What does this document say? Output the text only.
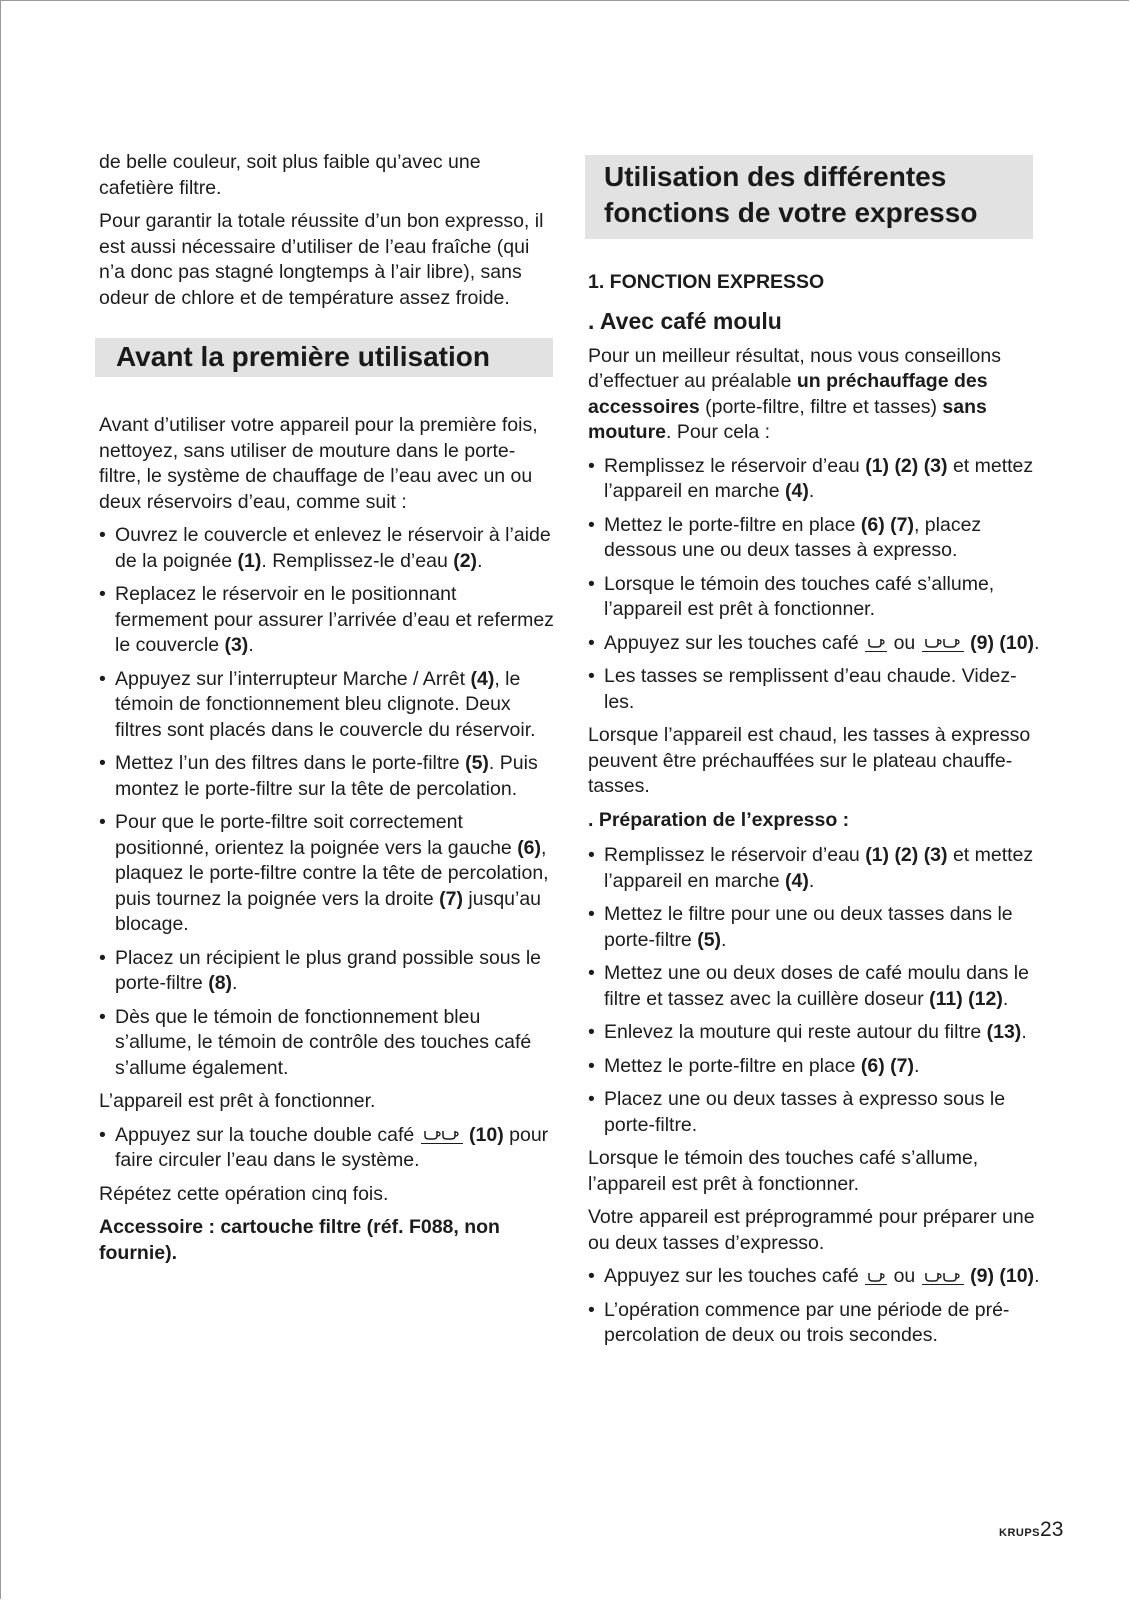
de belle couleur, soit plus faible qu’avec une cafetière filtre.

Pour garantir la totale réussite d’un bon expresso, il est aussi nécessaire d’utiliser de l’eau fraîche (qui n’a donc pas stagné longtemps à l’air libre), sans odeur de chlore et de température assez froide.

Avant la première utilisation

Avant d’utiliser votre appareil pour la première fois, nettoyez, sans utiliser de mouture dans le porte-filtre, le système de chauffage de l’eau avec un ou deux réservoirs d’eau, comme suit :

• Ouvrez le couvercle et enlevez le réservoir à l’aide de la poignée (1). Remplissez-le d’eau (2).
• Replacez le réservoir en le positionnant fermement pour assurer l’arrivée d’eau et refermez le couvercle (3).
• Appuyez sur l’interrupteur Marche / Arrêt (4), le témoin de fonctionnement bleu clignote. Deux filtres sont placés dans le couvercle du réservoir.
• Mettez l’un des filtres dans le porte-filtre (5). Puis montez le porte-filtre sur la tête de percolation.
• Pour que le porte-filtre soit correctement positionné, orientez la poignée vers la gauche (6), plaquez le porte-filtre contre la tête de percolation, puis tournez la poignée vers la droite (7) jusqu’au blocage.
• Placez un récipient le plus grand possible sous le porte-filtre (8).
• Dès que le témoin de fonctionnement bleu s’allume, le témoin de contrôle des touches café s’allume également.

L’appareil est prêt à fonctionner.

• Appuyez sur la touche double café	(10) pour faire circuler l’eau dans le système.

Répétez cette opération cinq fois.

Accessoire : cartouche filtre (réf. F088, non fournie).

Utilisation des différentes fonctions de votre expresso
1. FONCTION EXPRESSO
. Avec café moulu

Pour un meilleur résultat, nous vous conseillons d’effectuer au préalable un préchauffage des accessoires (porte-filtre, filtre et tasses) sans mouture. Pour cela :

• Remplissez le réservoir d’eau (1) (2) (3) et mettez l’appareil en marche (4).
• Mettez le porte-filtre en place (6) (7), placez dessous une ou deux tasses à expresso.
• Lorsque le témoin des touches café s’allume, l’appareil est prêt à fonctionner.
• Appuyez sur les touches café  ou	(9) (10).
• Les tasses se remplissent d’eau chaude. Videz-les.

Lorsque l’appareil est chaud, les tasses à expresso peuvent être préchauffées sur le plateau chauffe-tasses.

. Préparation de l’expresso :
• Remplissez le réservoir d’eau (1) (2) (3) et mettez l’appareil en marche (4).
• Mettez le filtre pour une ou deux tasses dans le porte-filtre (5).
• Mettez une ou deux doses de café moulu dans le filtre et tassez avec la cuillère doseur (11) (12).
• Enlevez la mouture qui reste autour du filtre (13).
• Mettez le porte-filtre en place (6) (7).
• Placez une ou deux tasses à expresso sous le porte-filtre.

Lorsque le témoin des touches café s’allume, l’appareil est prêt à fonctionner.

Votre appareil est préprogrammé pour préparer une ou deux tasses d’expresso.

• Appuyez sur les touches café  ou	(9) (10).
• L’opération commence par une période de pré-percolation de deux ou trois secondes.
KRUPS23
